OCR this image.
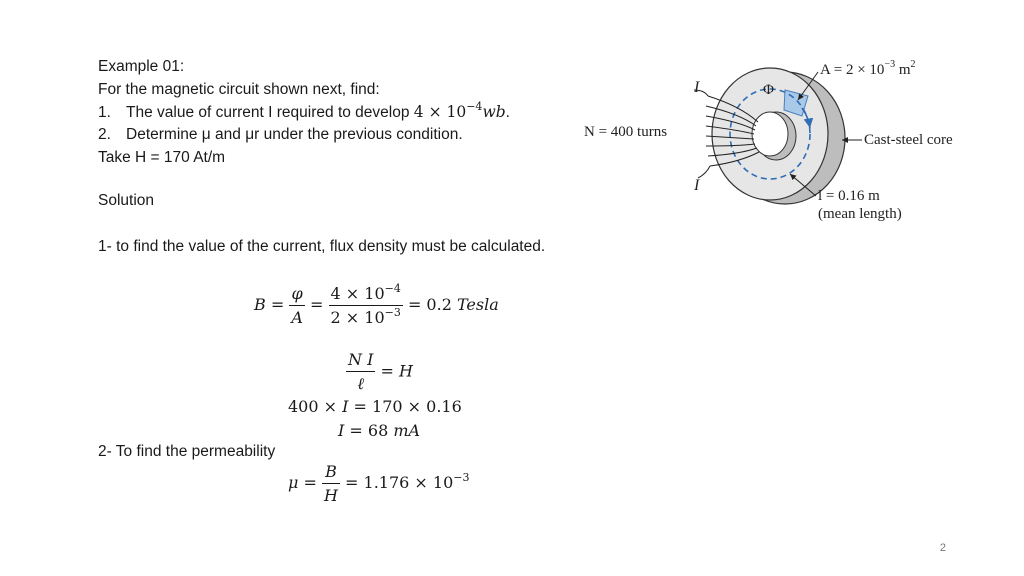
Example 01:
For the magnetic circuit shown next, find:
1. The value of current I required to develop $4 \times 10^{-4}wb$.
2. Determine μ and μr under the previous condition.
Take H = 170 At/m
Solution
1- to find the value of the current, flux density must be calculated.
$B = \frac{\varphi}{A} = \frac{4 \times 10^{-4}}{2 \times 10^{-3}} = 0.2$ Tesla
$\frac{\text{N I}}{\text{ℓ}} = H$
400 × I = 170 × 0.16
I = 68 mA
2- To find the permeability
$\mu = \frac{B}{H} = 1.176 \times 10^{-3}$
I
I
Φ
N = 400 turns
$A = 2 \times 10^{-3}$ $m^2$
Cast-steel core
l = 0.16 m
(mean length)
2
